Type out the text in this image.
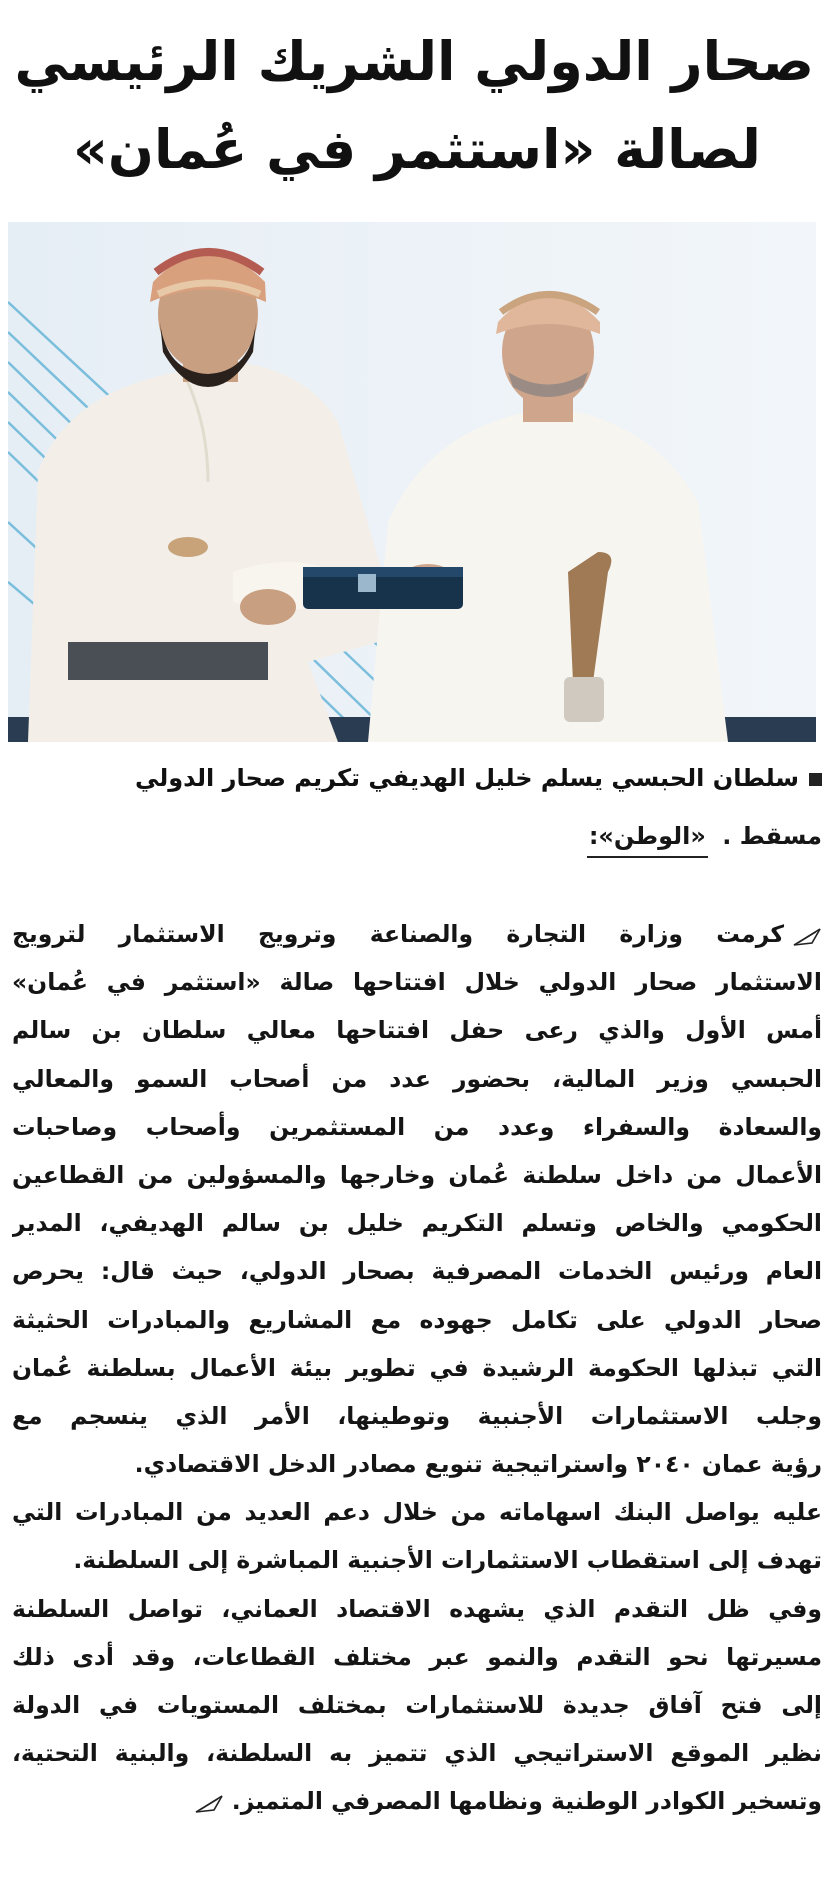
صحار الدولي الشريك الرئيسي
لصالة «استثمر في عُمان»
سلطان الحبسي يسلم خليل الهديفي تكريم صحار الدولي
مسقط . «الوطن»:
كرمت وزارة التجارة والصناعة وترويج الاستثمار لترويج
الاستثمار صحار الدولي خلال افتتاحها صالة «استثمر في عُمان»
أمس الأول والذي رعى حفل افتتاحها معالي سلطان بن سالم
الحبسي وزير المالية، بحضور عدد من أصحاب السمو والمعالي
والسعادة والسفراء وعدد من المستثمرين وأصحاب وصاحبات
الأعمال من داخل سلطنة عُمان وخارجها والمسؤولين من القطاعين
الحكومي والخاص وتسلم التكريم خليل بن سالم الهديفي، المدير
العام ورئيس الخدمات المصرفية بصحار الدولي، حيث قال: يحرص
صحار الدولي على تكامل جهوده مع المشاريع والمبادرات الحثيثة
التي تبذلها الحكومة الرشيدة في تطوير بيئة الأعمال بسلطنة عُمان
وجلب الاستثمارات الأجنبية وتوطينها، الأمر الذي ينسجم مع
رؤية عمان ٢٠٤٠ واستراتيجية تنويع مصادر الدخل الاقتصادي.
عليه يواصل البنك اسهاماته من خلال دعم العديد من المبادرات التي
تهدف إلى استقطاب الاستثمارات الأجنبية المباشرة إلى السلطنة.
وفي ظل التقدم الذي يشهده الاقتصاد العماني، تواصل السلطنة
مسيرتها نحو التقدم والنمو عبر مختلف القطاعات، وقد أدى ذلك
إلى فتح آفاق جديدة للاستثمارات بمختلف المستويات في الدولة
نظير الموقع الاستراتيجي الذي تتميز به السلطنة، والبنية التحتية،
وتسخير الكوادر الوطنية ونظامها المصرفي المتميز.
